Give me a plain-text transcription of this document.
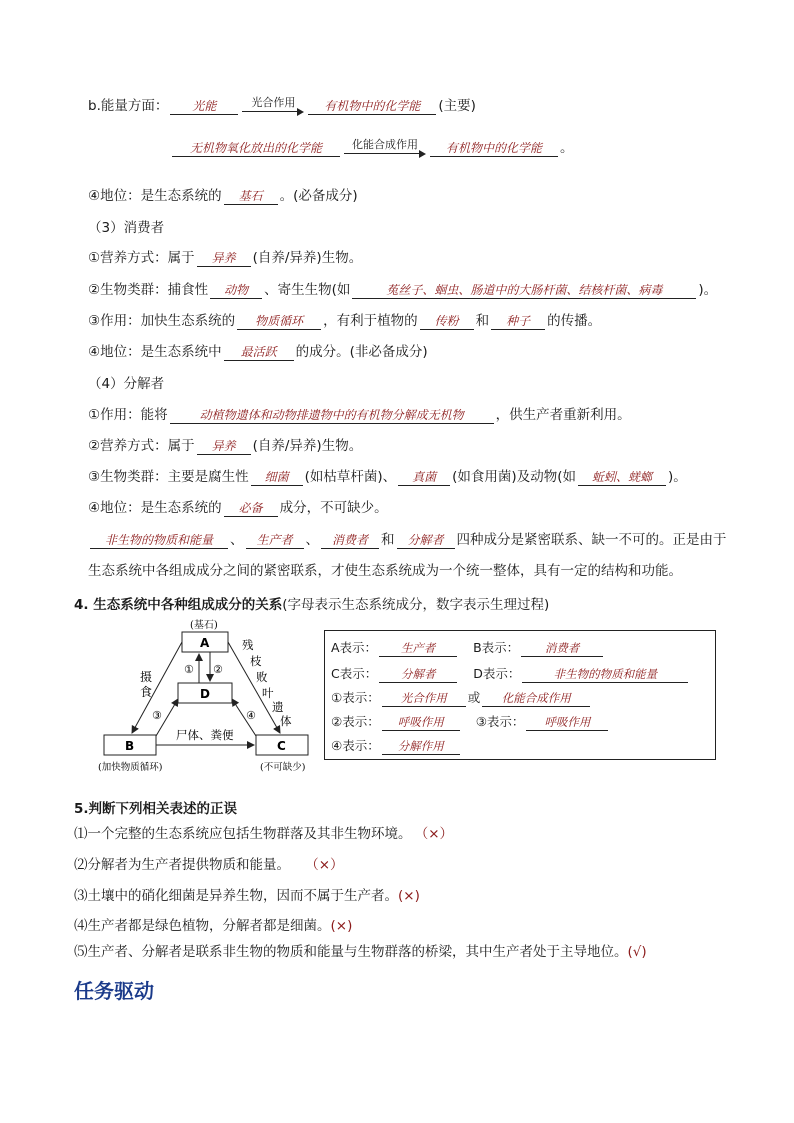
b.能量方面： 光能	光合作用	有机物中的化学能 (主要)
无机物氧化放出的化学能	化能合成作用	有机物中的化学能 。
④地位：是生态系统的 基石 。(必备成分)
（3）消费者
①营养方式：属于 异养 (自养/异养)生物。
②生物类群：捕食性 动物 、寄生生物(如	菟丝子、蛔虫、肠道中的大肠杆菌、结核杆菌、病毒	)。
③作用：加快生态系统的 物质循环 ，有利于植物的 传粉 和 种子 的传播。
④地位：是生态系统中 最活跃 的成分。(非必备成分)
（4）分解者
①作用：能将	动植物遗体和动物排遗物中的有机物分解成无机物 ，供生产者重新利用。
②营养方式：属于 异养 (自养/异养)生物。
③生物类群：主要是腐生性 细菌 (如枯草杆菌)、 真菌 (如食用菌)及动物(如 蚯蚓、蜣螂 )。
④地位：是生态系统的 必备 成分，不可缺少。
非生物的物质和能量 、 生产者 、 消费者 和 分解者 四种成分是紧密联系、缺一不可的。正是由于
生态系统中各组成成分之间的紧密联系，才使生态系统成为一个统一整体，具有一定的结构和功能。
4. 生态系统中各种组成成分的关系(字母表示生态系统成分，数字表示生理过程)
(基石)
A
D
B	C
(加快物质循环)	(不可缺少)
① ②
摄
食
残
枝
败
叶
遗
体
③	④
尸体、粪便
A表示： 生产者	B表示： 消费者
C表示： 分解者	D表示：	非生物的物质和能量
①表示： 光合作用 或 化能合成作用
②表示： 呼吸作用	③表示： 呼吸作用
④表示： 分解作用
5.判断下列相关表述的正误
⑴一个完整的生态系统应包括生物群落及其非生物环境。 （×）
⑵分解者为生产者提供物质和能量。 （×）
⑶土壤中的硝化细菌是异养生物，因而不属于生产者。(×)
⑷生产者都是绿色植物，分解者都是细菌。(×)
⑸生产者、分解者是联系非生物的物质和能量与生物群落的桥梁，其中生产者处于主导地位。(√)
任务驱动
